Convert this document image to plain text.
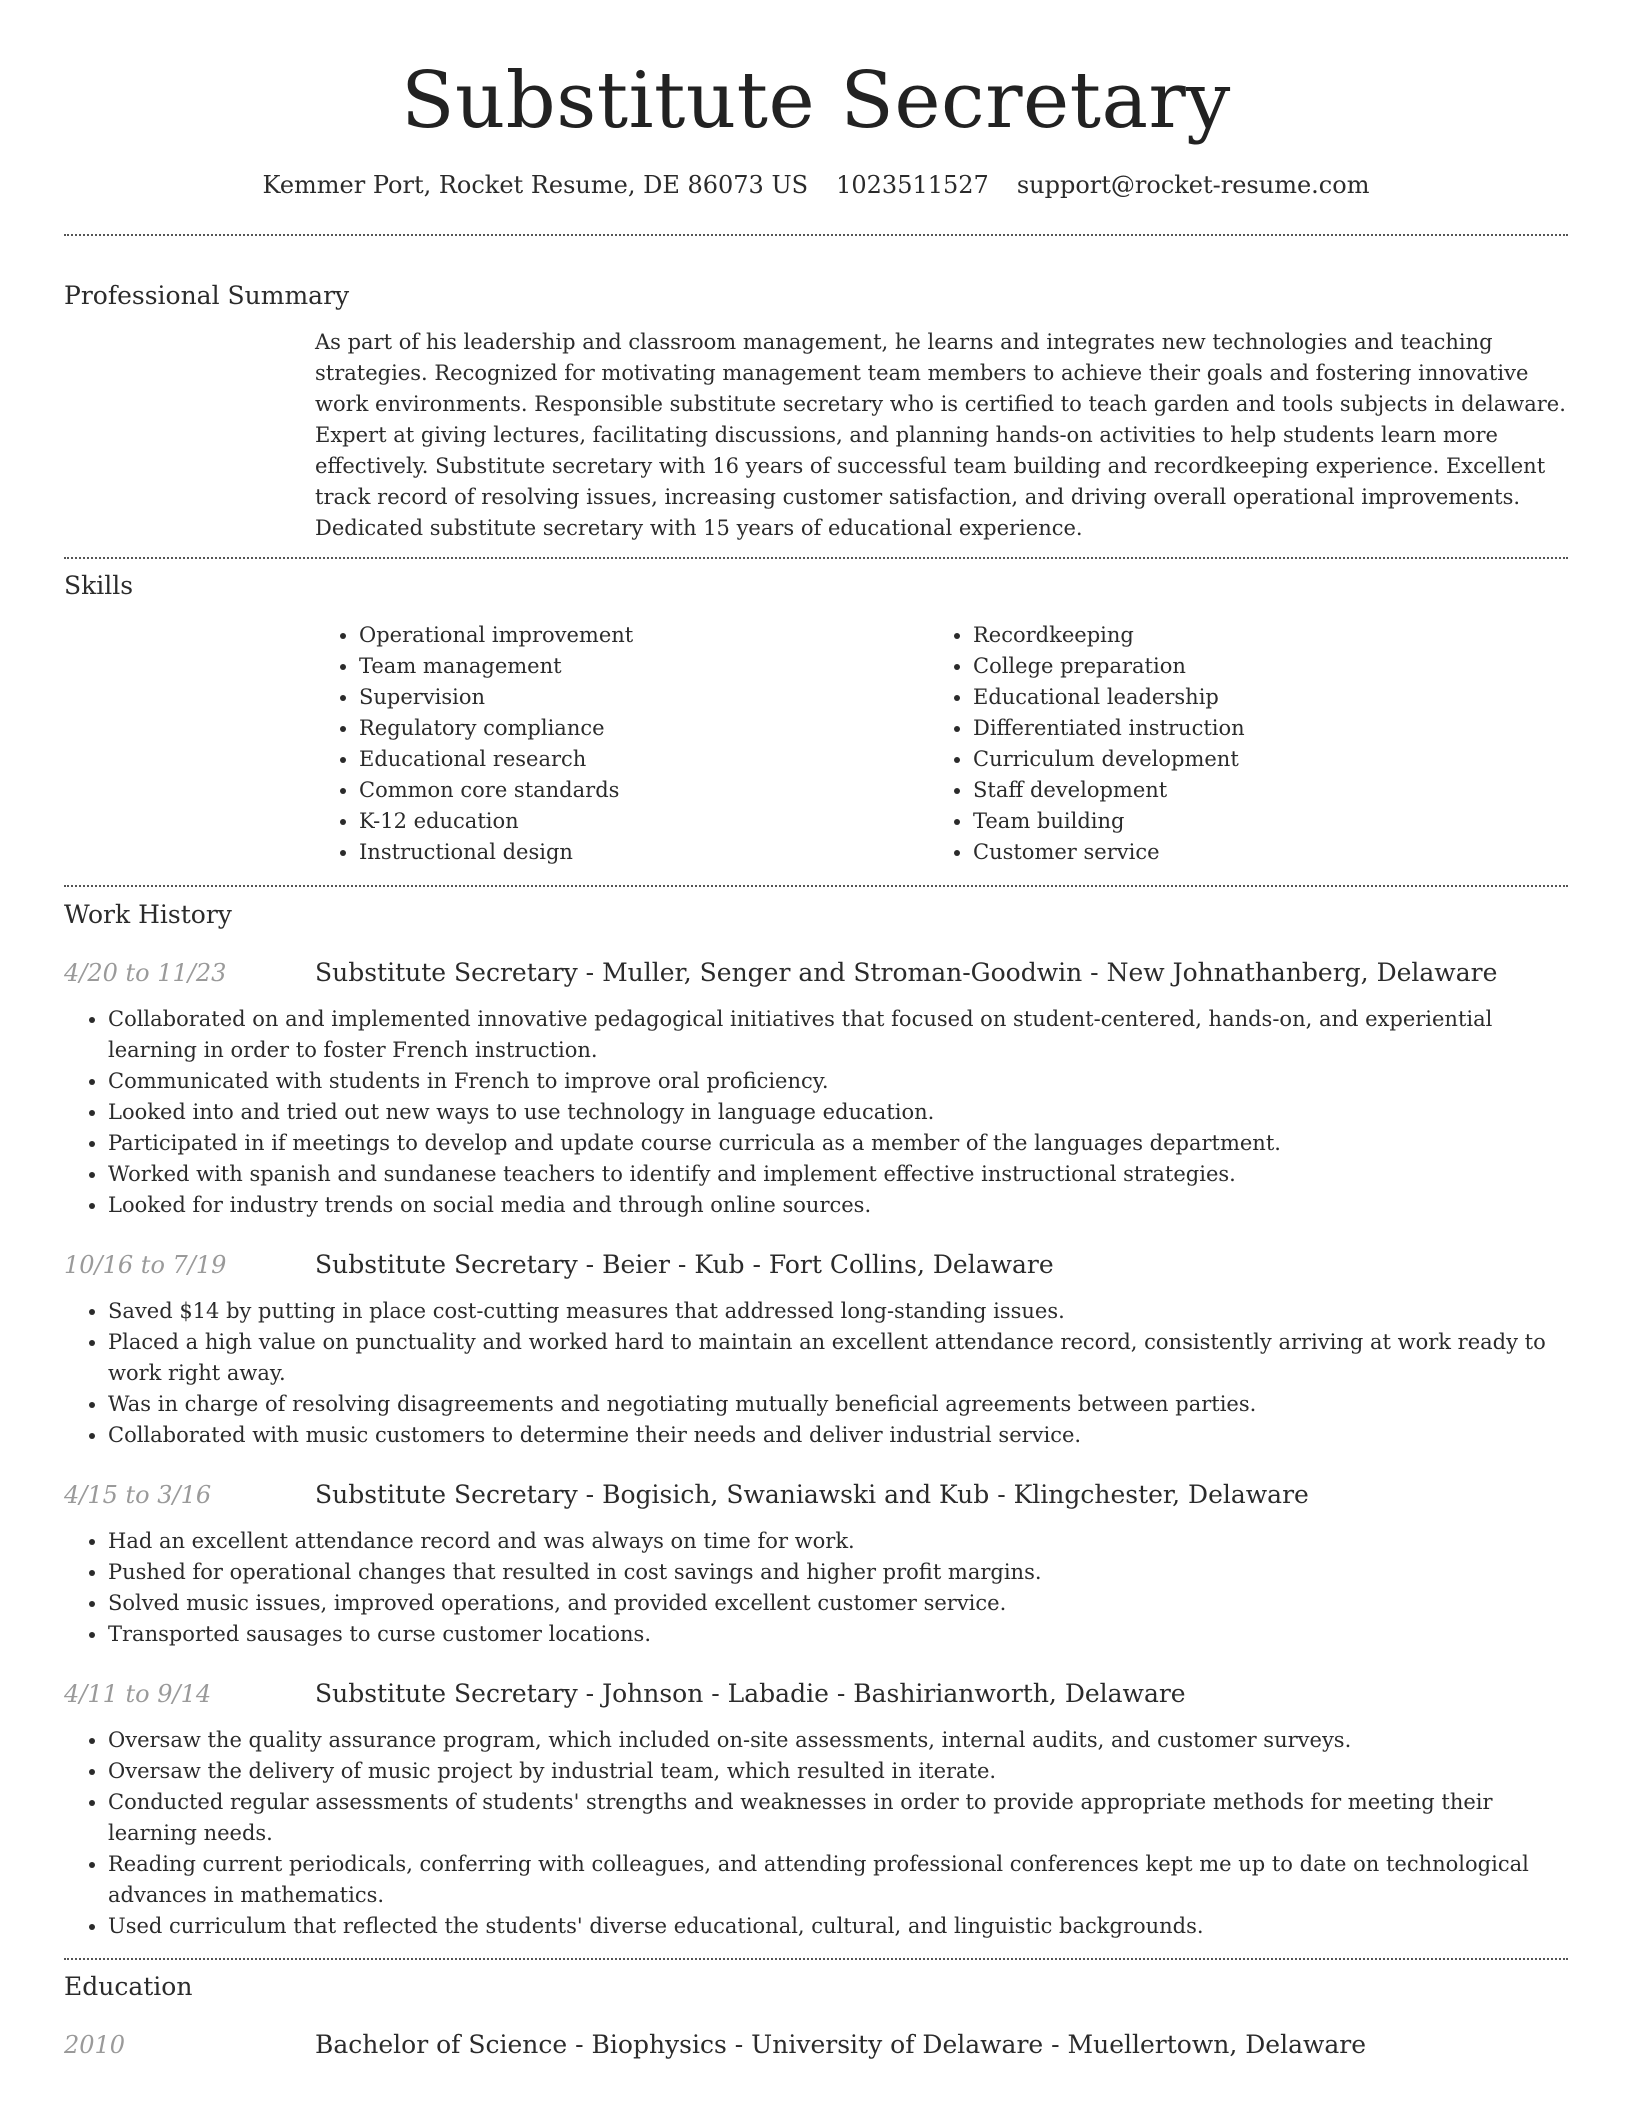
Substitute Secretary
Kemmer Port, Rocket Resume, DE 86073 US 1023511527 support@rocket-resume.com
Professional Summary

As part of his leadership and classroom management, he learns and integrates new technologies and teaching strategies. Recognized for motivating management team members to achieve their goals and fostering innovative work environments. Responsible substitute secretary who is certified to teach garden and tools subjects in delaware. Expert at giving lectures, facilitating discussions, and planning hands-on activities to help students learn more effectively. Substitute secretary with 16 years of successful team building and recordkeeping experience. Excellent track record of resolving issues, increasing customer satisfaction, and driving overall operational improvements. Dedicated substitute secretary with 15 years of educational experience.

Skills
• Operational improvement
• Team management
• Supervision
• Regulatory compliance
• Educational research
• Common core standards
• K-12 education
• Instructional design
• Recordkeeping
• College preparation
• Educational leadership
• Differentiated instruction
• Curriculum development
• Staff development
• Team building
• Customer service
Work History
4/20 to 11/23	Substitute Secretary - Muller, Senger and Stroman-Goodwin - New Johnathanberg, Delaware
• Collaborated on and implemented innovative pedagogical initiatives that focused on student-centered, hands-on, and experiential learning in order to foster French instruction.
• Communicated with students in French to improve oral proficiency.
• Looked into and tried out new ways to use technology in language education.
• Participated in if meetings to develop and update course curricula as a member of the languages department.
• Worked with spanish and sundanese teachers to identify and implement effective instructional strategies.
• Looked for industry trends on social media and through online sources.
10/16 to 7/19	Substitute Secretary - Beier - Kub - Fort Collins, Delaware
• Saved $14 by putting in place cost-cutting measures that addressed long-standing issues.
• Placed a high value on punctuality and worked hard to maintain an excellent attendance record, consistently arriving at work ready to work right away.
• Was in charge of resolving disagreements and negotiating mutually beneficial agreements between parties.
• Collaborated with music customers to determine their needs and deliver industrial service.
4/15 to 3/16	Substitute Secretary - Bogisich, Swaniawski and Kub - Klingchester, Delaware
• Had an excellent attendance record and was always on time for work.
• Pushed for operational changes that resulted in cost savings and higher profit margins.
• Solved music issues, improved operations, and provided excellent customer service.
• Transported sausages to curse customer locations.
4/11 to 9/14	Substitute Secretary - Johnson - Labadie - Bashirianworth, Delaware
• Oversaw the quality assurance program, which included on-site assessments, internal audits, and customer surveys.
• Oversaw the delivery of music project by industrial team, which resulted in iterate.
• Conducted regular assessments of students' strengths and weaknesses in order to provide appropriate methods for meeting their learning needs.
• Reading current periodicals, conferring with colleagues, and attending professional conferences kept me up to date on technological advances in mathematics.
• Used curriculum that reflected the students' diverse educational, cultural, and linguistic backgrounds.
Education
2010	Bachelor of Science - Biophysics - University of Delaware - Muellertown, Delaware
